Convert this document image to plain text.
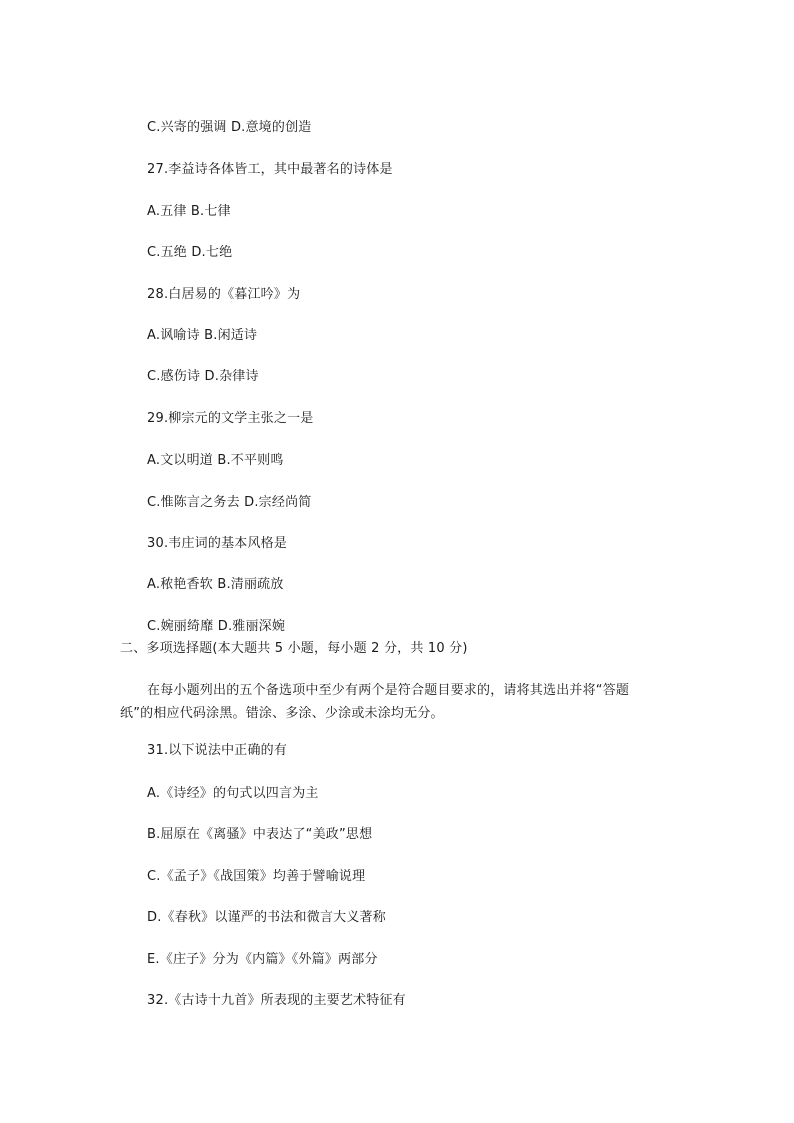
C.兴寄的强调 D.意境的创造
27.李益诗各体皆工，其中最著名的诗体是
A.五律 B.七律
C.五绝 D.七绝
28.白居易的《暮江吟》为
A.讽喻诗 B.闲适诗
C.感伤诗 D.杂律诗
29.柳宗元的文学主张之一是
A.文以明道 B.不平则鸣
C.惟陈言之务去 D.宗经尚简
30.韦庄词的基本风格是
A.秾艳香软 B.清丽疏放
C.婉丽绮靡 D.雅丽深婉
二、多项选择题(本大题共 5 小题，每小题 2 分，共 10 分)
在每小题列出的五个备选项中至少有两个是符合题目要求的，请将其选出并将“答题纸”的相应代码涂黑。错涂、多涂、少涂或未涂均无分。
31.以下说法中正确的有
A.《诗经》的句式以四言为主
B.屈原在《离骚》中表达了“美政”思想
C.《孟子》《战国策》均善于譬喻说理
D.《春秋》以谨严的书法和微言大义著称
E.《庄子》分为《内篇》《外篇》两部分
32.《古诗十九首》所表现的主要艺术特征有
